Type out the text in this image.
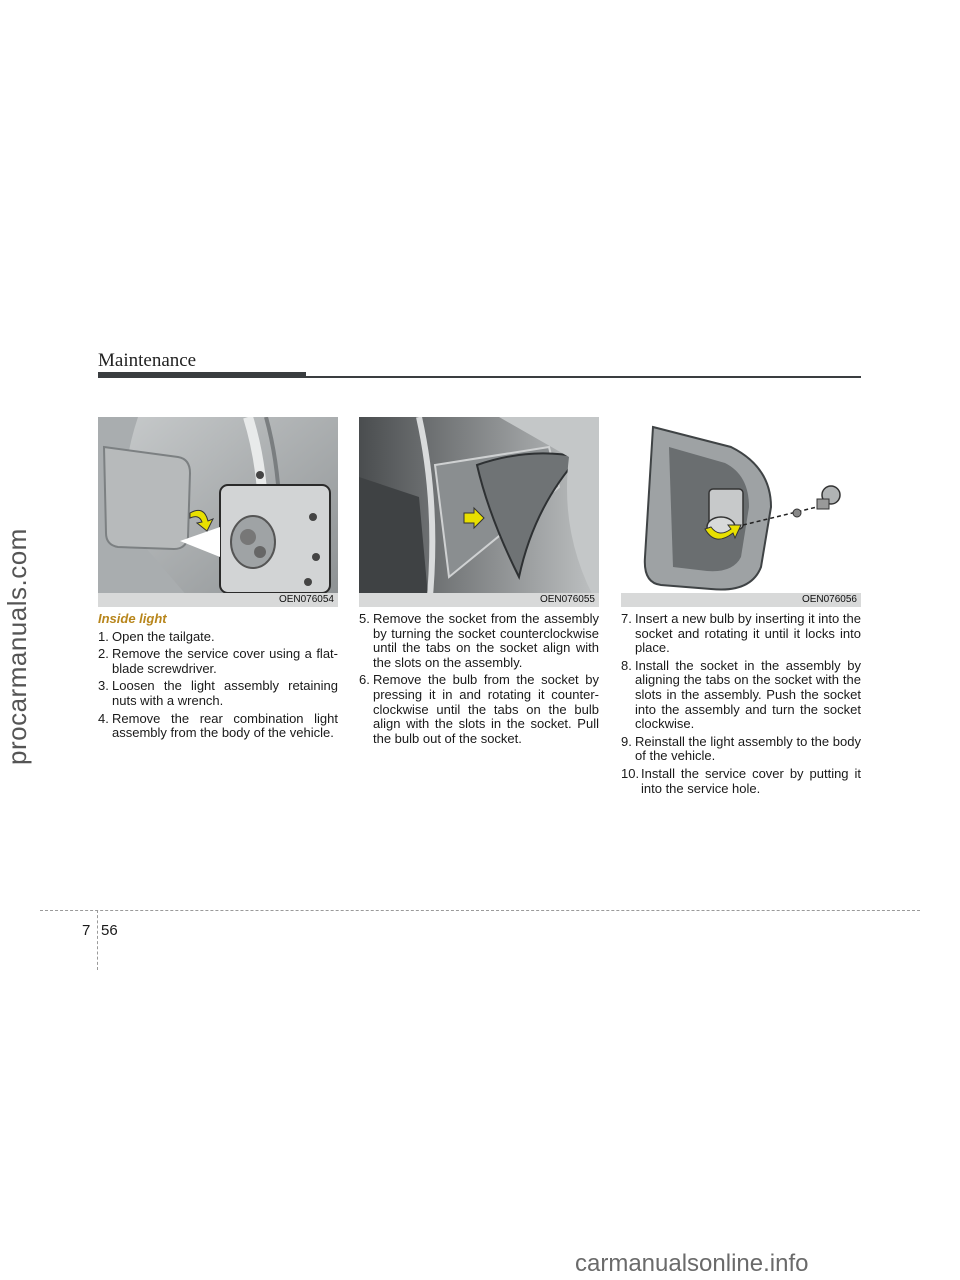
Maintenance
OEN076054	OEN076055	OEN076056
Inside light
1. Open the tailgate.
2. Remove the service cover using a flat-blade screwdriver.
3. Loosen the light assembly retaining nuts with a wrench.
4. Remove the rear combination light assembly from the body of the vehicle.
5. Remove the socket from the assembly by turning the socket counterclockwise until the tabs on the socket align with the slots on the assembly.
6. Remove the bulb from the socket by pressing it in and rotating it counter-clockwise until the tabs on the bulb align with the slots in the socket. Pull the bulb out of the socket.
7. Insert a new bulb by inserting it into the socket and rotating it until it locks into place.
8. Install the socket in the assembly by aligning the tabs on the socket with the slots in the assembly. Push the socket into the assembly and turn the socket clockwise.
9. Reinstall the light assembly to the body of the vehicle.
10. Install the service cover by putting it into the service hole.
7 56
procarmanuals.com
carmanualsonline.info
